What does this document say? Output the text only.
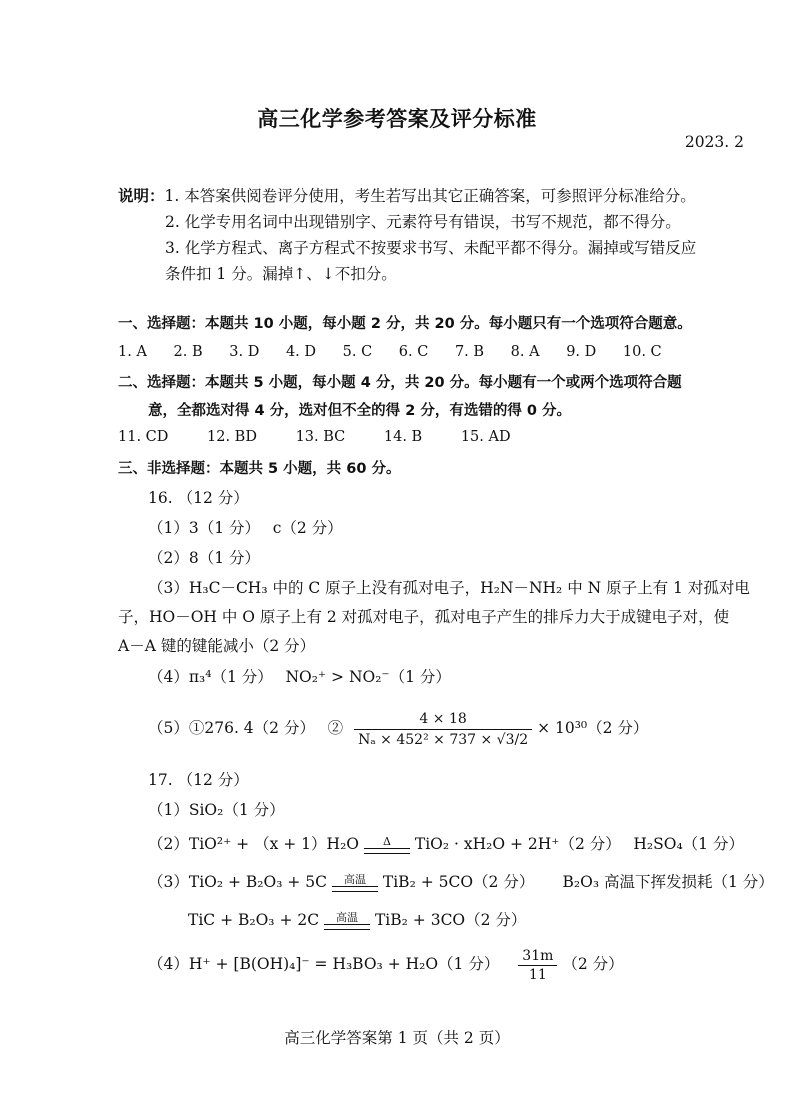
高三化学参考答案及评分标准
2023. 2
说明：1. 本答案供阅卷评分使用，考生若写出其它正确答案，可参照评分标准给分。
2. 化学专用名词中出现错别字、元素符号有错误，书写不规范，都不得分。
3. 化学方程式、离子方程式不按要求书写、未配平都不得分。漏掉或写错反应
条件扣 1 分。漏掉↑、↓不扣分。
一、选择题：本题共 10 小题，每小题 2 分，共 20 分。每小题只有一个选项符合题意。
1. A 2. B 3. D 4. D 5. C 6. C 7. B 8. A 9. D 10. C
二、选择题：本题共 5 小题，每小题 4 分，共 20 分。每小题有一个或两个选项符合题
意，全都选对得 4 分，选对但不全的得 2 分，有选错的得 0 分。
11. CD	12. BD	13. BC	14. B	15. AD
三、非选择题：本题共 5 小题，共 60 分。
16. （12 分）
（1）3（1 分）　 c（2 分）
（2）8（1 分）
（3）H₃C－CH₃ 中的 C 原子上没有孤对电子，H₂N－NH₂ 中 N 原子上有 1 对孤对电
子，HO－OH 中 O 原子上有 2 对孤对电子，孤对电子产生的排斥力大于成键电子对，使
A－A 键的键能减小（2 分）
（4）π₃⁴（1 分）　 NO₂⁺ > NO₂⁻（1 分）
（5）①276. 4（2 分）　 ② $\frac{4 \times 18}{\text{Nₐ × 452² × 737 × √3/2}} \times 10^{30}(2$ 分）
17. （12 分）
（1）SiO₂（1 分）
（2）TiO²⁺ + （x + 1）H₂O	Δ	TiO₂ · xH₂O + 2H⁺（2 分）　 H₂SO₄（1 分）
（3）TiO₂ + B₂O₃ + 5C	高温	TiB₂ + 5CO（2 分）　　 B₂O₃ 高温下挥发损耗（1 分）
TiC + B₂O₃ + 2C	高温	TiB₂ + 3CO（2 分）
（4）H⁺ + [B(OH)₄]⁻ = H₃BO₃ + H₂O（1 分） $\frac{31m}{11} (2$ 分）
高三化学答案第 1 页（共 2 页）
